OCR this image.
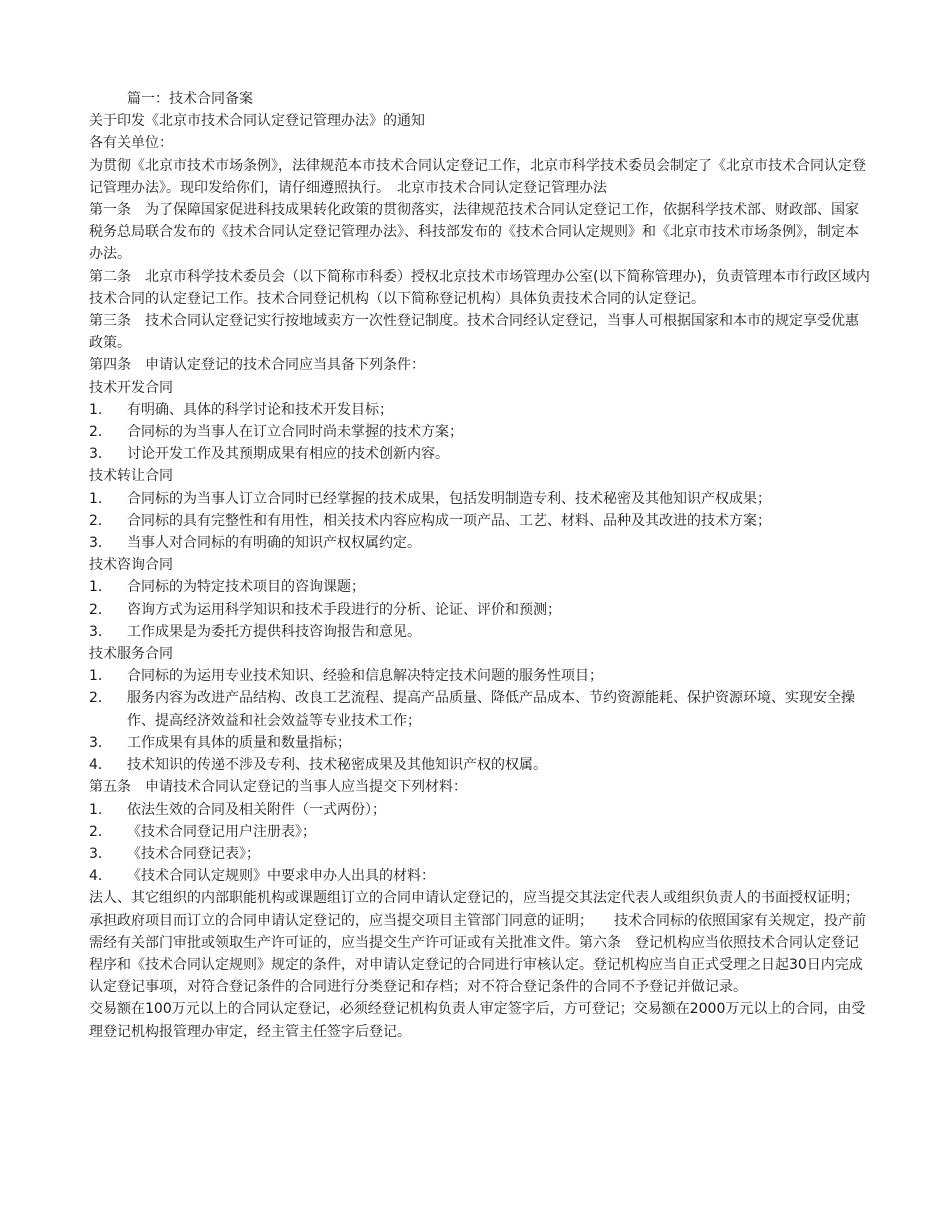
篇一：技术合同备案

关于印发《北京市技术合同认定登记管理办法》的通知

各有关单位：

为贯彻《北京市技术市场条例》，法律规范本市技术合同认定登记工作，北京市科学技术委员会制定了《北京市技术合同认定登记管理办法》。现印发给你们，请仔细遵照执行。　北京市技术合同认定登记管理办法

第一条　为了保障国家促进科技成果转化政策的贯彻落实，法律规范技术合同认定登记工作，依据科学技术部、财政部、国家税务总局联合发布的《技术合同认定登记管理办法》、科技部发布的《技术合同认定规则》和《北京市技术市场条例》，制定本办法。

第二条　北京市科学技术委员会（以下简称市科委）授权北京技术市场管理办公室(以下简称管理办)，负责管理本市行政区域内技术合同的认定登记工作。技术合同登记机构（以下简称登记机构）具体负责技术合同的认定登记。

第三条　技术合同认定登记实行按地域卖方一次性登记制度。技术合同经认定登记，当事人可根据国家和本市的规定享受优惠政策。

第四条　申请认定登记的技术合同应当具备下列条件：

技术开发合同

1．	有明确、具体的科学讨论和技术开发目标；
2．	合同标的为当事人在订立合同时尚未掌握的技术方案；
3．	讨论开发工作及其预期成果有相应的技术创新内容。

技术转让合同

1．	合同标的为当事人订立合同时已经掌握的技术成果，包括发明制造专利、技术秘密及其他知识产权成果；
2．	合同标的具有完整性和有用性，相关技术内容应构成一项产品、工艺、材料、品种及其改进的技术方案；
3．	当事人对合同标的有明确的知识产权权属约定。

技术咨询合同

1．	合同标的为特定技术项目的咨询课题；
2．	咨询方式为运用科学知识和技术手段进行的分析、论证、评价和预测；
3．	工作成果是为委托方提供科技咨询报告和意见。

技术服务合同

1．	合同标的为运用专业技术知识、经验和信息解决特定技术问题的服务性项目；
2．	服务内容为改进产品结构、改良工艺流程、提高产品质量、降低产品成本、节约资源能耗、保护资源环境、实现安全操作、提高经济效益和社会效益等专业技术工作；
3．	工作成果有具体的质量和数量指标；
4．	技术知识的传递不涉及专利、技术秘密成果及其他知识产权的权属。

第五条　申请技术合同认定登记的当事人应当提交下列材料：

1．	依法生效的合同及相关附件（一式两份）；
2．	《技术合同登记用户注册表》；
3．	《技术合同登记表》；
4．	《技术合同认定规则》中要求申办人出具的材料：

法人、其它组织的内部职能机构或课题组订立的合同申请认定登记的，应当提交其法定代表人或组织负责人的书面授权证明；

承担政府项目而订立的合同申请认定登记的，应当提交项目主管部门同意的证明；　　技术合同标的依照国家有关规定，投产前需经有关部门审批或领取生产许可证的，应当提交生产许可证或有关批准文件。第六条　登记机构应当依照技术合同认定登记程序和《技术合同认定规则》规定的条件，对申请认定登记的合同进行审核认定。登记机构应当自正式受理之日起30日内完成认定登记事项，对符合登记条件的合同进行分类登记和存档；对不符合登记条件的合同不予登记并做记录。

交易额在100万元以上的合同认定登记，必须经登记机构负责人审定签字后，方可登记；交易额在2000万元以上的合同，由受理登记机构报管理办审定，经主管主任签字后登记。
